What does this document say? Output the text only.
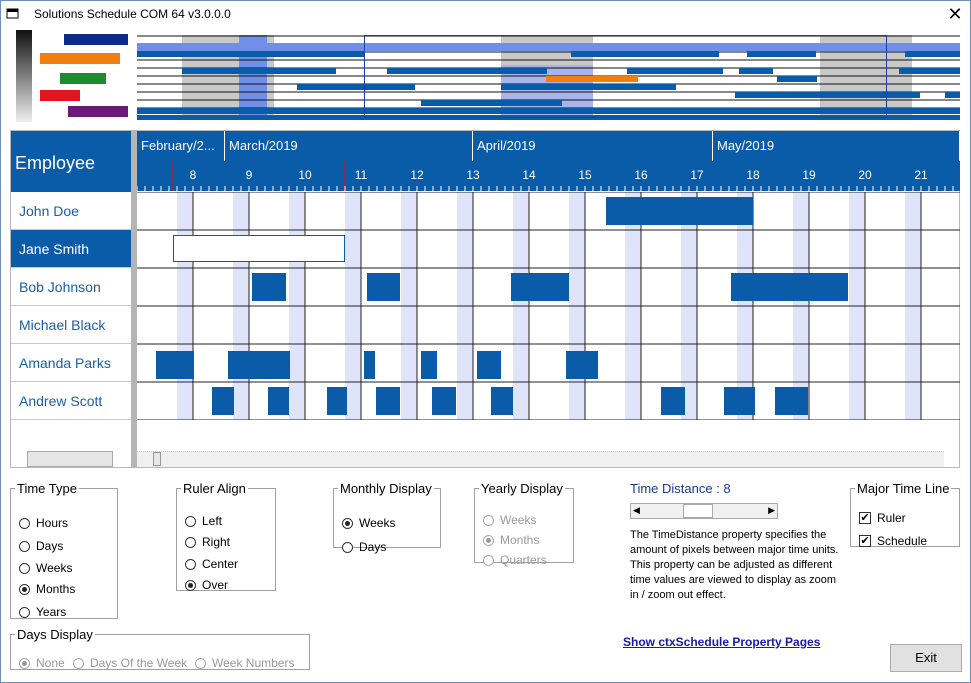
Solutions Schedule COM 64 v3.0.0.0	✕
Employee
John Doe
Jane Smith
Bob Johnson
Michael Black
Amanda Parks
Andrew Scott
February/2...	March/2019	April/2019	May/2019
8	9	10	11	12	13	14	15	16	17	18	19	20	21
Time Type
Hours
Days
Weeks
Months
Years
Ruler Align
Left
Right
Center
Over
Monthly Display
Weeks
Days
Yearly Display
Weeks
Months
Quarters
Days Display
None Days Of the Week Week Numbers
Time Distance : 8
◀	▶
The TimeDistance property specifies the amount of pixels between major time units. This property can be adjusted as different time values are viewed to display as zoom in / zoom out effect.
Major Time Line
✔ Ruler
✔ Schedule
Show ctxSchedule Property Pages
Exit
